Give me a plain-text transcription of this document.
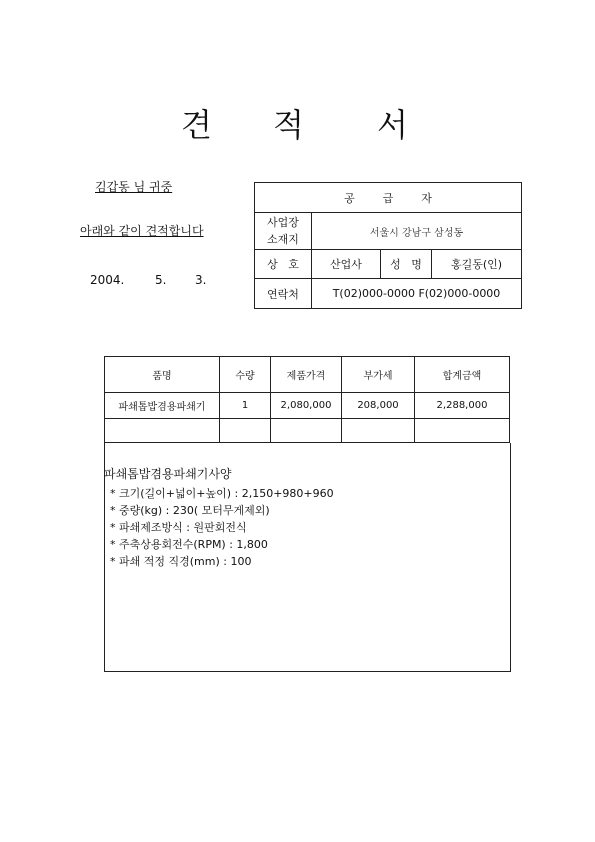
견 적 서
김갑동 님 귀중
아래와 같이 견적합니다
2004.	5. 3.
공        급        자			
사업장
소재지	서울시 강남구 삼성동		
상   호	산업사	성   명	홍길동(인)
연락처	T(02)000-0000 F(02)000-0000		
품명	수량	제품가격	부가세	합계금액
파쇄톱밥겸용파쇄기	1	2,080,000	208,000	2,288,000

파쇄톱밥겸용파쇄기사양
* 크기(길이+넓이+높이) : 2,150+980+960
* 중량(kg) : 230( 모터무게제외)
* 파쇄제조방식 : 원판회전식
* 주축상용회전수(RPM) : 1,800
* 파쇄 적정 직경(mm) : 100
